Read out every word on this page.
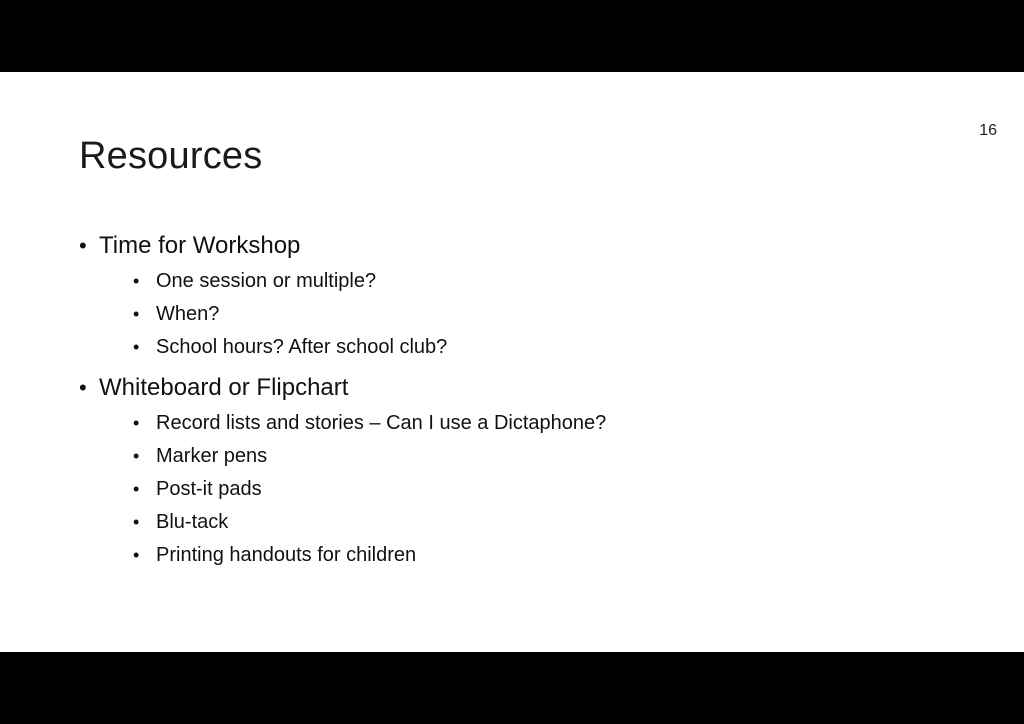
16
Resources
• Time for Workshop
• One session or multiple?
• When?
• School hours? After school club?
• Whiteboard or Flipchart
• Record lists and stories – Can I use a Dictaphone?
• Marker pens
• Post-it pads
• Blu-tack
• Printing handouts for children
